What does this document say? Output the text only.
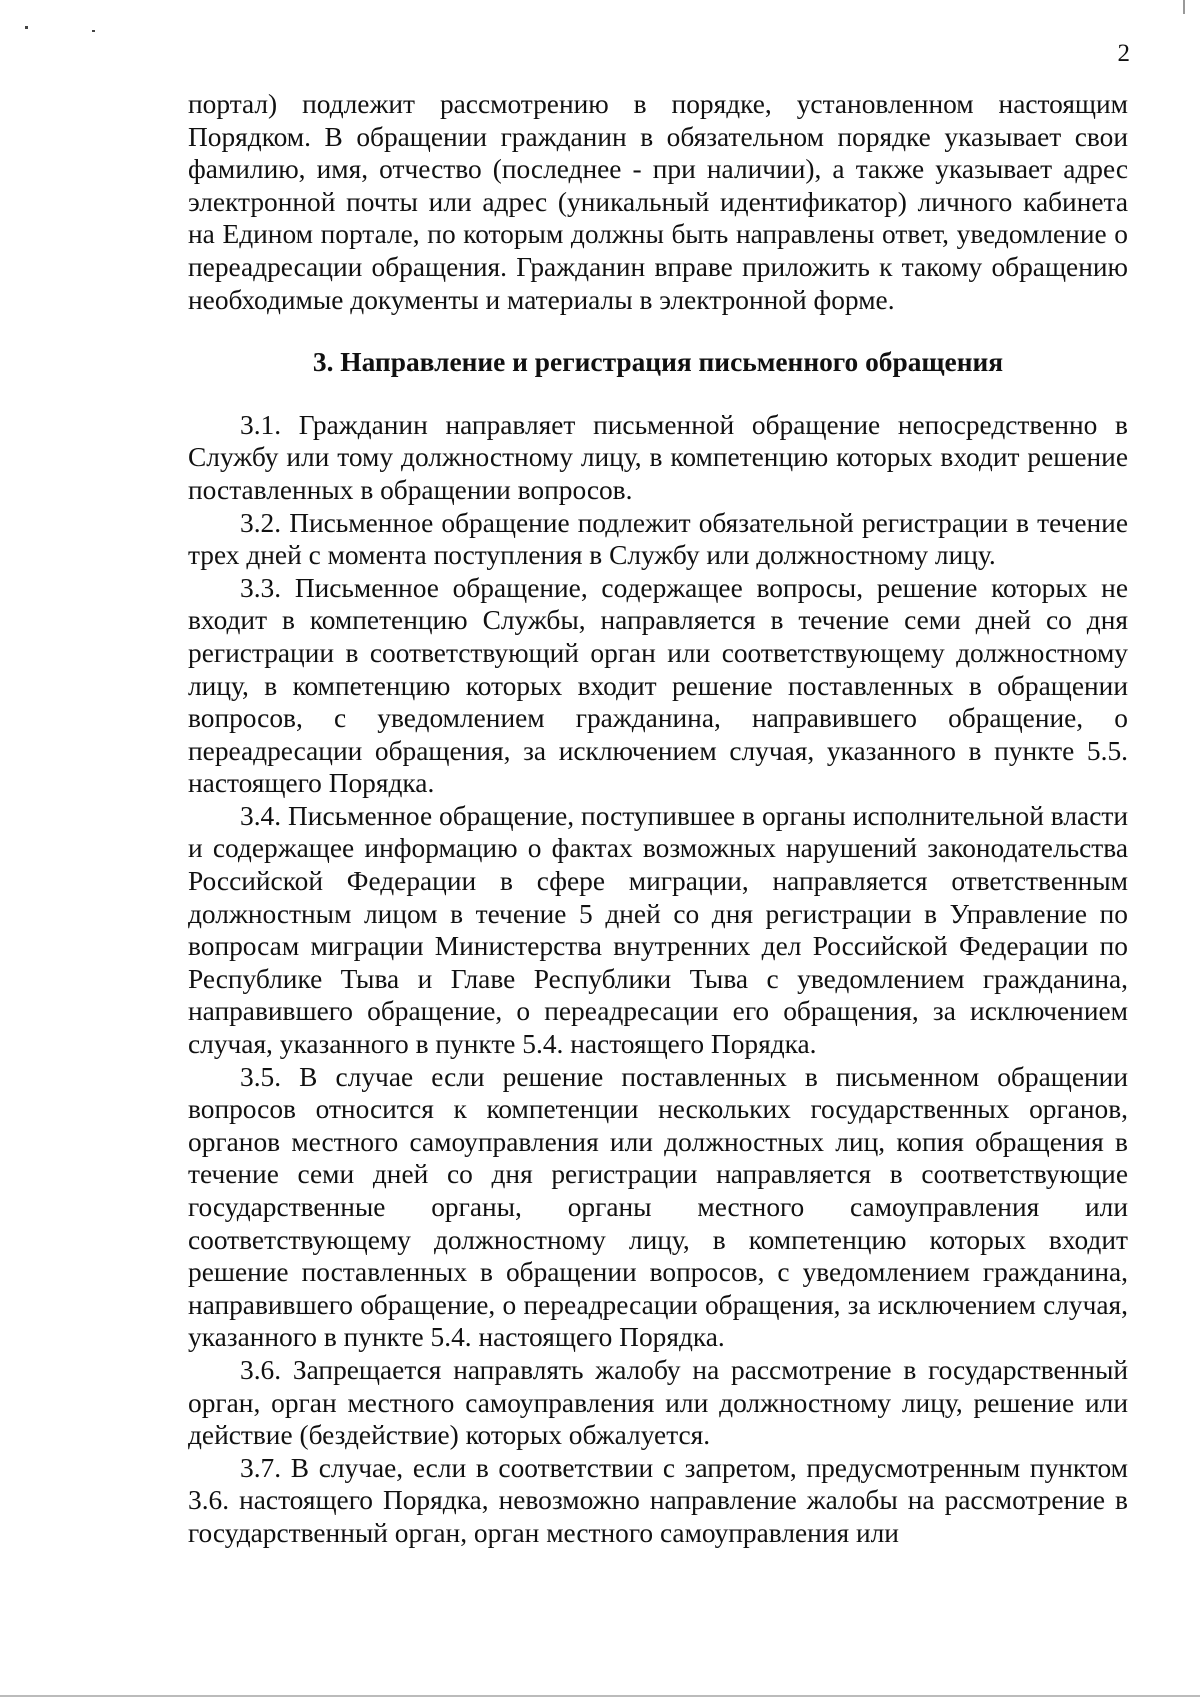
2

портал) подлежит рассмотрению в порядке, установленном настоящим Порядком. В обращении гражданин в обязательном порядке указывает свои фамилию, имя, отчество (последнее - при наличии), а также указывает адрес электронной почты или адрес (уникальный идентификатор) личного кабинета на Едином портале, по которым должны быть направлены ответ, уведомление о переадресации обращения. Гражданин вправе приложить к такому обращению необходимые документы и материалы в электронной форме.

3. Направление и регистрация письменного обращения

3.1. Гражданин направляет письменной обращение непосредственно в Службу или тому должностному лицу, в компетенцию которых входит решение поставленных в обращении вопросов.

3.2. Письменное обращение подлежит обязательной регистрации в течение трех дней с момента поступления в Службу или должностному лицу.

3.3. Письменное обращение, содержащее вопросы, решение которых не входит в компетенцию Службы, направляется в течение семи дней со дня регистрации в соответствующий орган или соответствующему должностному лицу, в компетенцию которых входит решение поставленных в обращении вопросов, с уведомлением гражданина, направившего обращение, о переадресации обращения, за исключением случая, указанного в пункте 5.5. настоящего Порядка.

3.4. Письменное обращение, поступившее в органы исполнительной власти и содержащее информацию о фактах возможных нарушений законодательства Российской Федерации в сфере миграции, направляется ответственным должностным лицом в течение 5 дней со дня регистрации в Управление по вопросам миграции Министерства внутренних дел Российской Федерации по Республике Тыва и Главе Республики Тыва с уведомлением гражданина, направившего обращение, о переадресации его обращения, за исключением случая, указанного в пункте 5.4. настоящего Порядка.

3.5. В случае если решение поставленных в письменном обращении вопросов относится к компетенции нескольких государственных органов, органов местного самоуправления или должностных лиц, копия обращения в течение семи дней со дня регистрации направляется в соответствующие государственные органы, органы местного самоуправления или соответствующему должностному лицу, в компетенцию которых входит решение поставленных в обращении вопросов, с уведомлением гражданина, направившего обращение, о переадресации обращения, за исключением случая, указанного в пункте 5.4. настоящего Порядка.

3.6. Запрещается направлять жалобу на рассмотрение в государственный орган, орган местного самоуправления или должностному лицу, решение или действие (бездействие) которых обжалуется.

3.7. В случае, если в соответствии с запретом, предусмотренным пунктом 3.6. настоящего Порядка, невозможно направление жалобы на рассмотрение в государственный орган, орган местного самоуправления или
